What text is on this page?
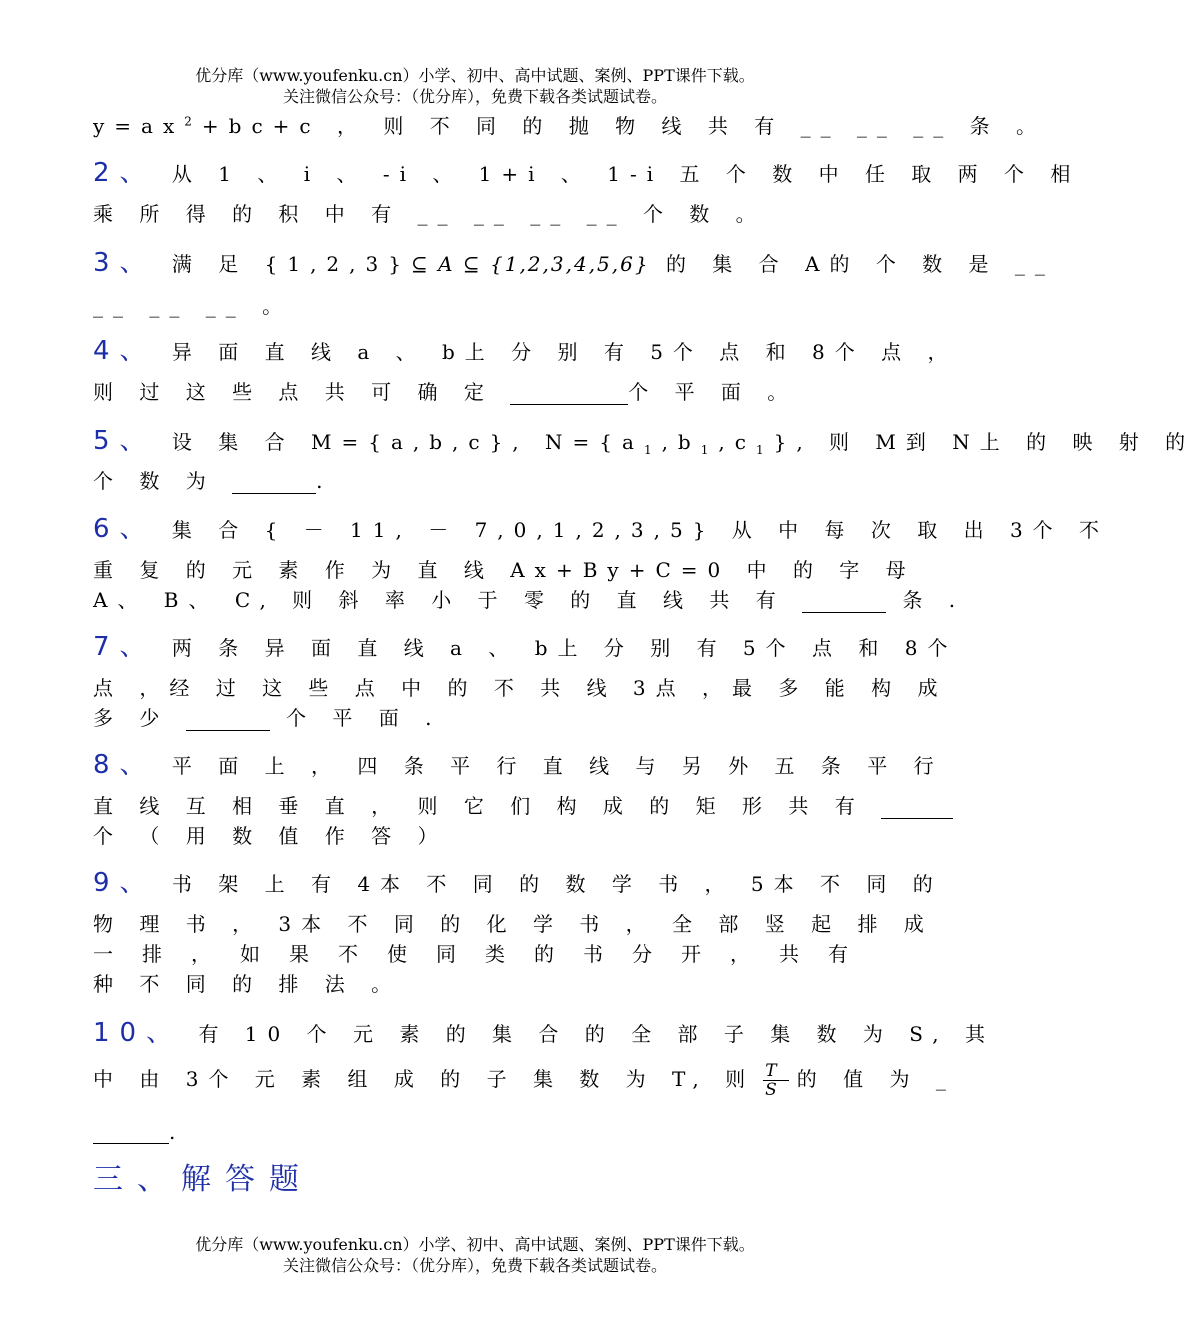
优分库（www.youfenku.cn）小学、初中、高中试题、案例、PPT课件下载。
关注微信公众号：（优分库），免费下载各类试题试卷。
$y=ax^2+bc+c$ ， 则 不 同 的 抛 物 线 共 有 __ __ __ 条 。
2、 从 1 、 i 、 -i 、 1+i 、 1-i 五 个 数 中 任 取 两 个 相
乘 所 得 的 积 中 有 __ __ __ __ 个 数 。
3、 满 足 {1,2,3}⊆ A ⊆ {1,2,3,4,5,6} 的 集 合 A的 个 数 是 __
__ __ __ 。
4、 异 面 直 线 a 、 b上 分 别 有 5个 点 和 8个 点 ，
则 过 这 些 点 共 可 确 定	个 平 面 。
5、 设 集 合 M={a,b,c}, $N=\{a_1,b_1,c_1\}$, 则 M到 N上 的 映 射 的
个 数 为	.
6、 集 合 { － 11, － 7,0,1,2,3,5} 从 中 每 次 取 出 3个 不
重 复 的 元 素 作 为 直 线 Ax+By+C=0 中 的 字 母
A、 B、 C, 则 斜 率 小 于 零 的 直 线 共 有	条 .
7、 两 条 异 面 直 线 a 、 b上 分 别 有 5个 点 和 8个
点 ，经 过 这 些 点 中 的 不 共 线 3点 ，最 多 能 构 成
多 少	个 平 面 .
8、 平 面 上 ， 四 条 平 行 直 线 与 另 外 五 条 平 行
直 线 互 相 垂 直 ， 则 它 们 构 成 的 矩 形 共 有
个 （ 用 数 值 作 答 ）
9、 书 架 上 有 4本 不 同 的 数 学 书 ， 5本 不 同 的
物 理 书 ， 3本 不 同 的 化 学 书 ， 全 部 竖 起 排 成
一 排 ， 如 果 不 使 同 类 的 书 分 开 ， 共 有
种 不 同 的 排 法 。
10、 有 10 个 元 素 的 集 合 的 全 部 子 集 数 为 S, 其
中 由 3个 元 素 组 成 的 子 集 数 为 T, 则 $\frac{T}{S}$ 的 值 为 _
.
三、解答题
优分库（www.youfenku.cn）小学、初中、高中试题、案例、PPT课件下载。
关注微信公众号：（优分库），免费下载各类试题试卷。
